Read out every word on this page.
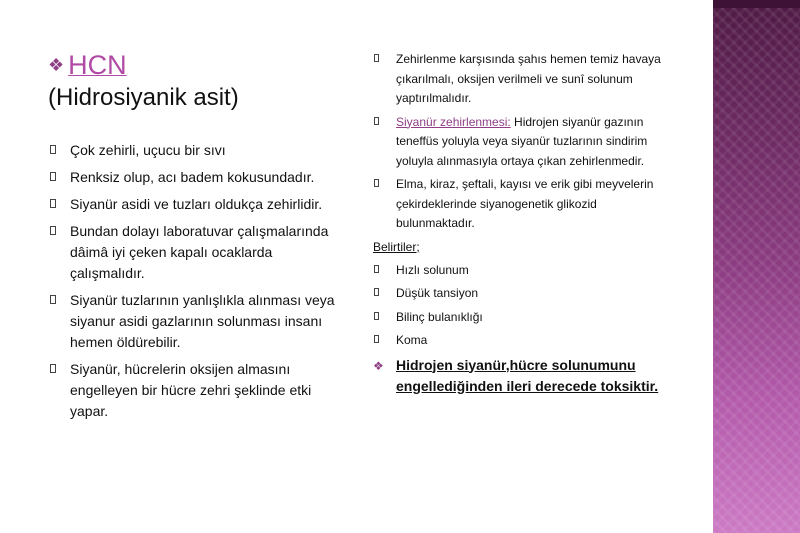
❖ HCN
(Hidrosiyanik asit)
Çok zehirli, uçucu bir sıvı
Renksiz olup, acı badem kokusundadır.
Siyanür asidi ve tuzları oldukça zehirlidir.
Bundan dolayı laboratuvar çalışmalarında dâimâ iyi çeken kapalı ocaklarda çalışmalıdır.
Siyanür tuzlarının yanlışlıkla alınması veya siyanur asidi gazlarının solunması insanı hemen öldürebilir.
Siyanür, hücrelerin oksijen almasını engelleyen bir hücre zehri şeklinde etki yapar.
Zehirlenme karşısında şahıs hemen temiz havaya çıkarılmalı, oksijen verilmeli ve sunî solunum yaptırılmalıdır.
Siyanür zehirlenmesi: Hidrojen siyanür gazının teneffüs yoluyla veya siyanür tuzlarının sindirim yoluyla alınmasıyla ortaya çıkan zehirlenmedir.
Elma, kiraz, şeftali, kayısı ve erik gibi meyvelerin çekirdeklerinde siyanogenetik glikozid bulunmaktadır.
Belirtiler;
Hızlı solunum
Düşük tansiyon
Bilinç bulanıklığı
Koma
❖ Hidrojen siyanür,hücre solunumunu engellediğinden ileri derecede toksiktir.
